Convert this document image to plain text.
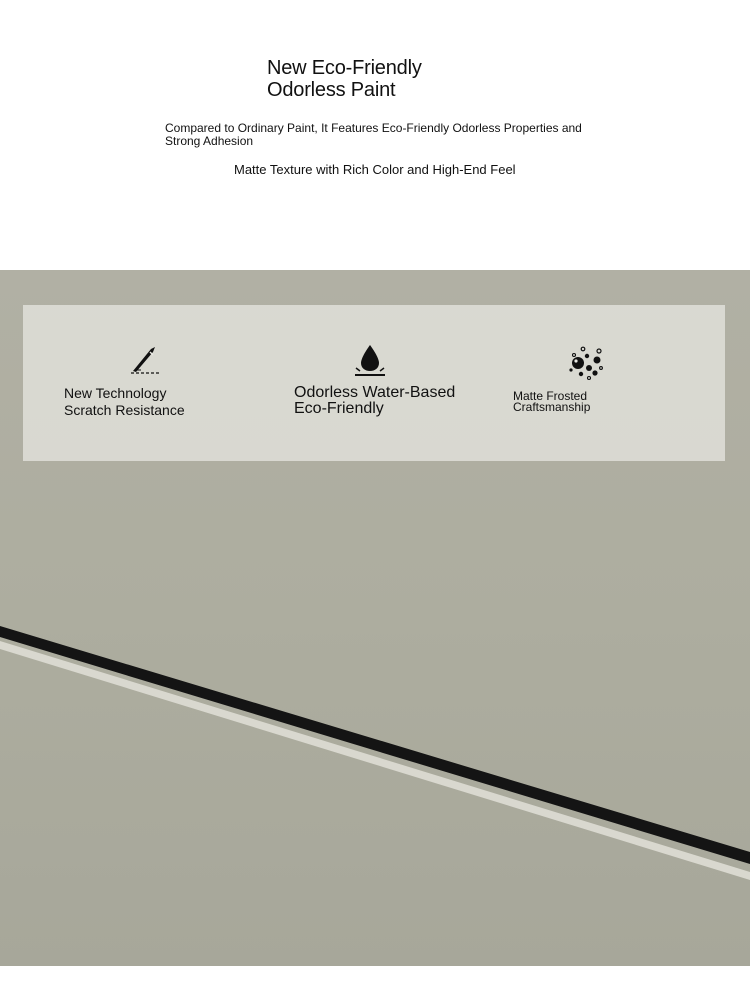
New Eco-Friendly
Odorless Paint

Compared to Ordinary Paint, It Features Eco-Friendly Odorless Properties and Strong Adhesion

Matte Texture with Rich Color and High-End Feel

New Technology
Scratch Resistance

Odorless Water-Based
Eco-Friendly

Matte Frosted
Craftsmanship
